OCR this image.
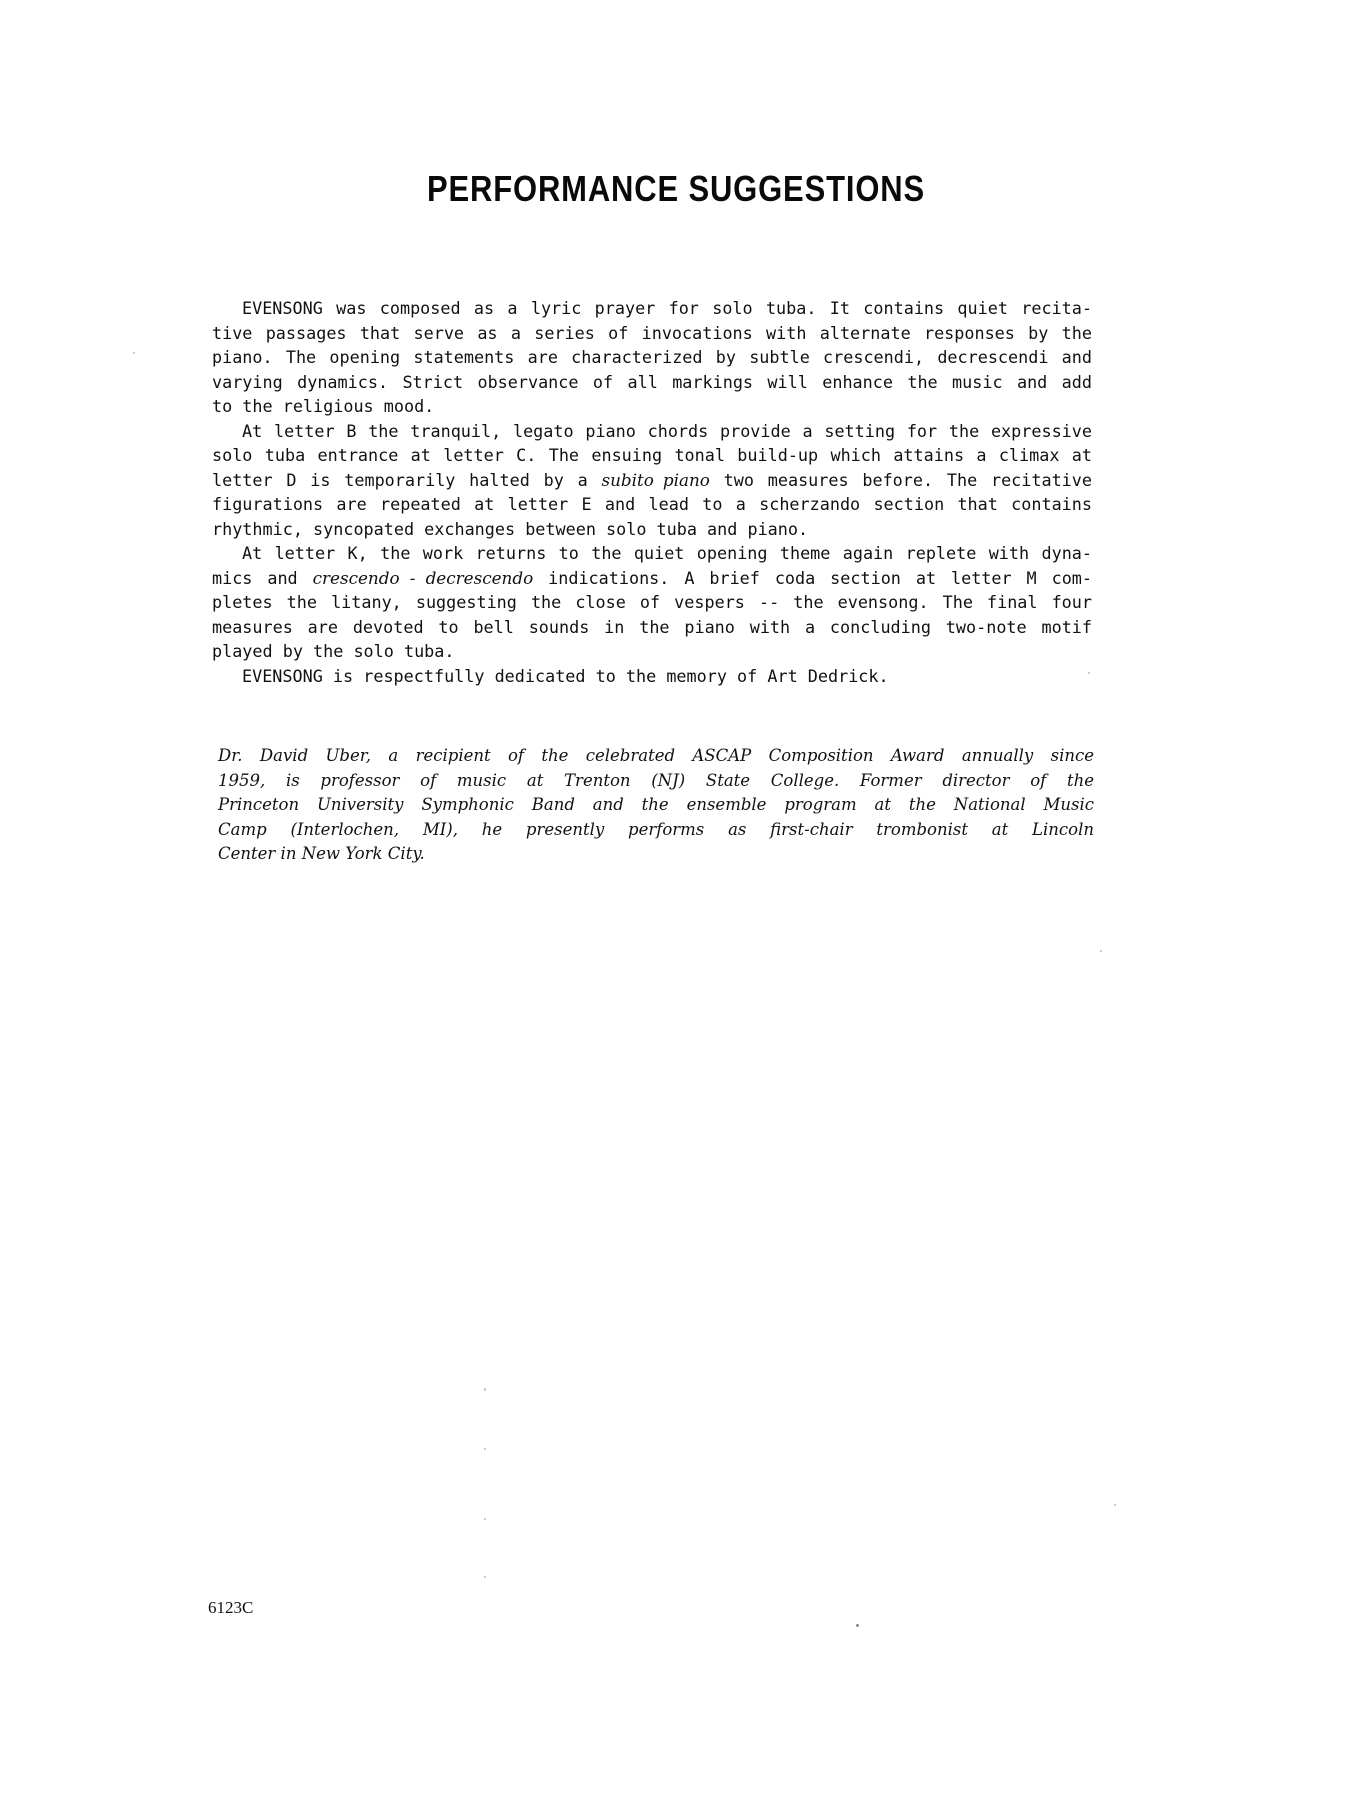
PERFORMANCE SUGGESTIONS
EVENSONG was composed as a lyric prayer for solo tuba. It contains quiet recita-
tive passages that serve as a series of invocations with alternate responses by the
piano. The opening statements are characterized by subtle crescendi, decrescendi and
varying dynamics. Strict observance of all markings will enhance the music and add
to the religious mood.
At letter B the tranquil, legato piano chords provide a setting for the expressive
solo tuba entrance at letter C. The ensuing tonal build-up which attains a climax at
letter D is temporarily halted by a subito piano two measures before. The recitative
figurations are repeated at letter E and lead to a scherzando section that contains
rhythmic, syncopated exchanges between solo tuba and piano.
At letter K, the work returns to the quiet opening theme again replete with dyna-
mics and crescendo - decrescendo indications. A brief coda section at letter M com-
pletes the litany, suggesting the close of vespers -- the evensong. The final four
measures are devoted to bell sounds in the piano with a concluding two-note motif
played by the solo tuba.
EVENSONG is respectfully dedicated to the memory of Art Dedrick.
Dr. David Uber, a recipient of the celebrated ASCAP Composition Award annually since
1959, is professor of music at Trenton (NJ) State College. Former director of the
Princeton University Symphonic Band and the ensemble program at the National Music
Camp (Interlochen, MI), he presently performs as first-chair trombonist at Lincoln
Center in New York City.
6123C
